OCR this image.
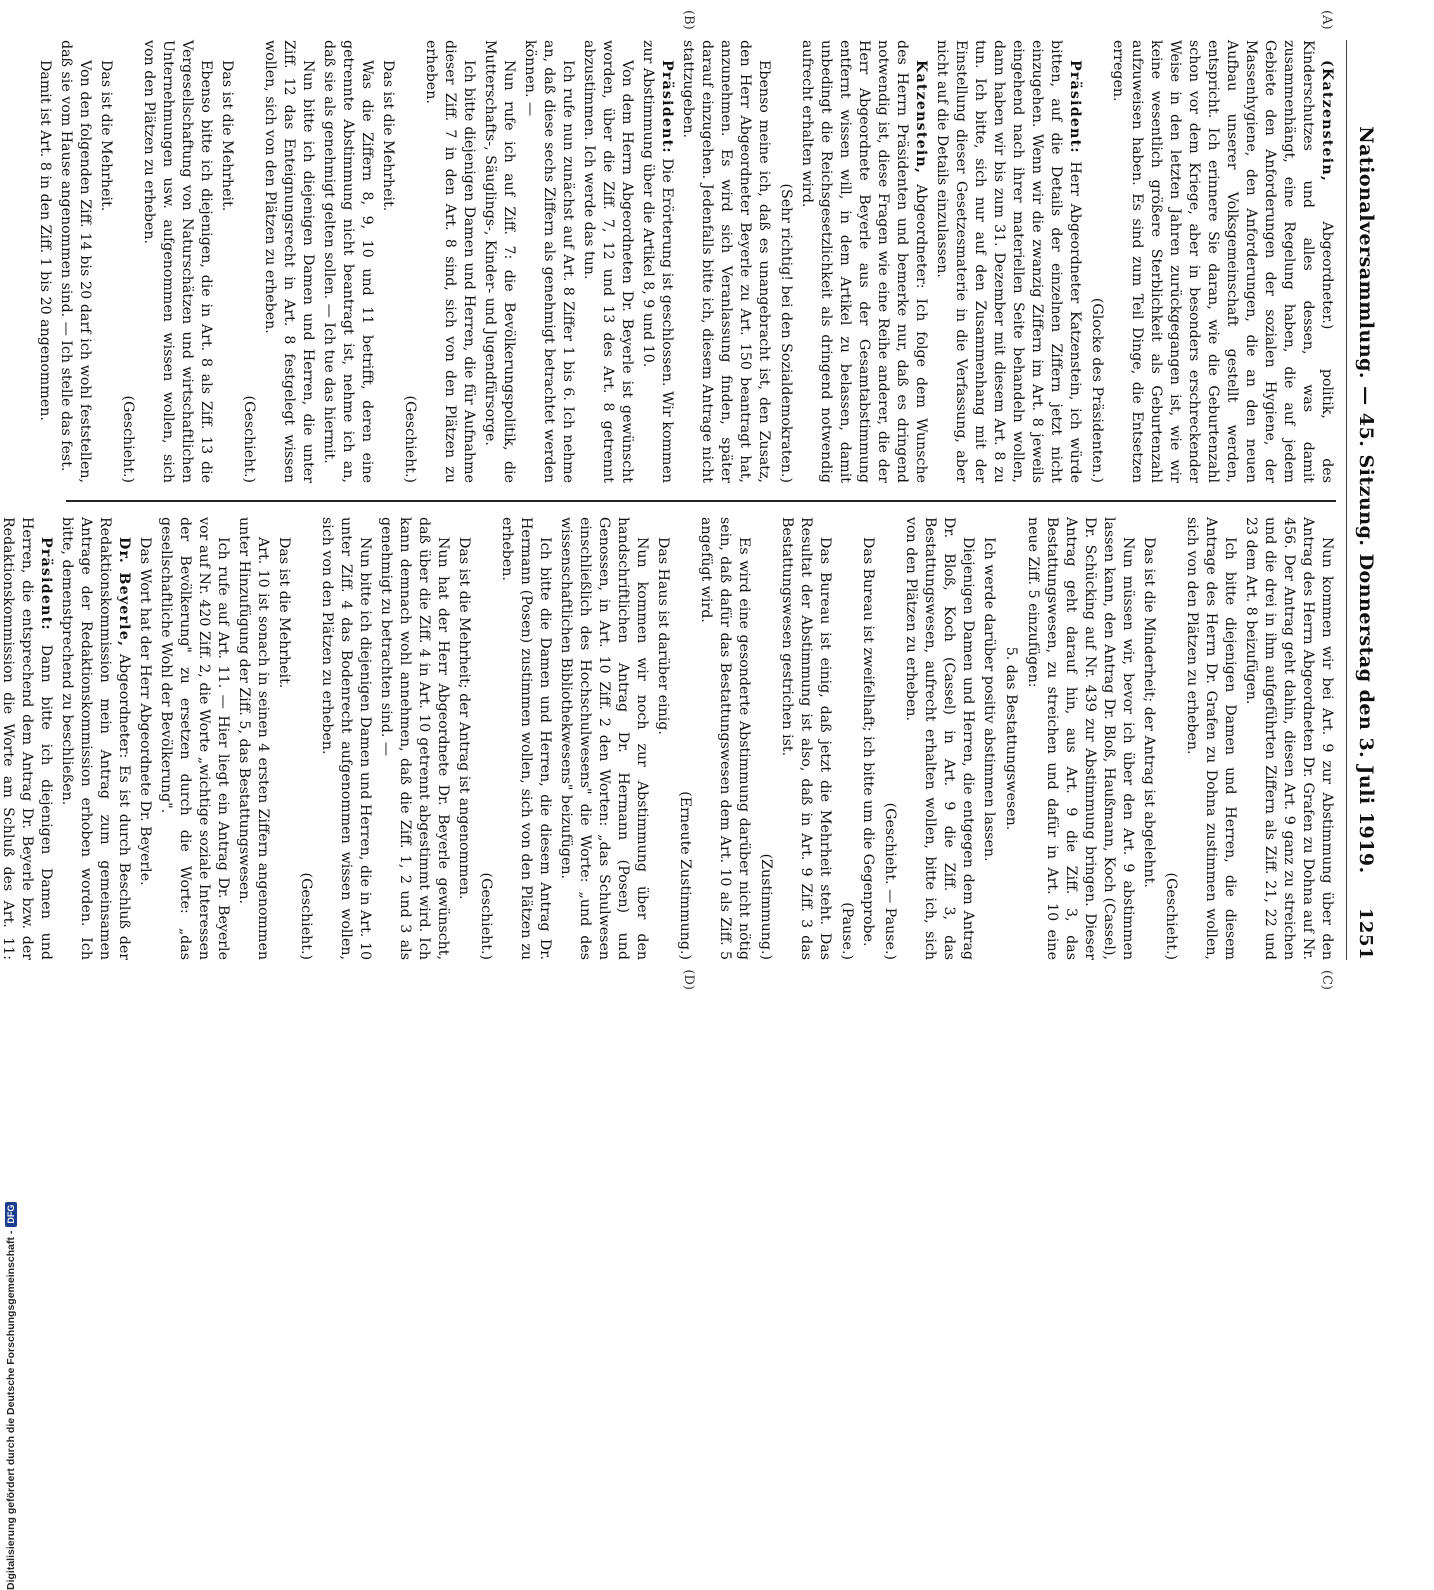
Nationalversammlung. — 45. Sitzung. Donnerstag den 3. Juli 1919.
1251
(A)
(B)
(C)
(D)

(Katzenstein, Abgeordneter.) politik, des Kinderschutzes und alles dessen, was damit zusammenhängt, eine Regelung haben, die auf jedem Gebiete den Anforderungen der sozialen Hygiene, der Massenhygiene, den Anforderungen, die an den neuen Aufbau unserer Volksgemeinschaft gestellt werden, entspricht. Ich erinnere Sie daran, wie die Geburtenzahl schon vor dem Kriege, aber in besonders erschreckender Weise in den letzten Jahren zurückgegangen ist, wie wir keine wesentlich größere Sterblichkeit als Geburtenzahl aufzuweisen haben. Es sind zum Teil Dinge, die Entsetzen erregen.

(Glocke des Präsidenten.)

Präsident: Herr Abgeordneter Katzenstein, ich würde bitten, auf die Details der einzelnen Ziffern jetzt nicht einzugehen. Wenn wir die zwanzig Ziffern im Art. 8 jeweils eingehend nach ihrer materiellen Seite behandeln wollen, dann haben wir bis zum 31. Dezember mit diesem Art. 8 zu tun. Ich bitte, sich nur auf den Zusammenhang mit der Einstellung dieser Gesetzesmaterie in die Verfassung, aber nicht auf die Details einzulassen.

Katzenstein, Abgeordneter: Ich folge dem Wunsche des Herrn Präsidenten und bemerke nur, daß es dringend notwendig ist, diese Fragen wie eine Reihe anderer, die der Herr Abgeordnete Beyerle aus der Gesamtabstimmung entfernt wissen will, in dem Artikel zu belassen, damit unbedingt die Reichsgesetzlichkeit als dringend notwendig aufrecht erhalten wird.

(Sehr richtig! bei den Sozialdemokraten.)

Ebenso meine ich, daß es unangebracht ist, den Zusatz, den Herr Abgeordneter Beyerle zu Art. 150 beantragt hat, anzunehmen. Es wird sich Veranlassung finden, später darauf einzugehen. Jedenfalls bitte ich, diesem Antrage nicht stattzugeben.

Präsident: Die Erörterung ist geschlossen. Wir kommen zur Abstimmung über die Artikel 8, 9 und 10.

Von dem Herrn Abgeordneten Dr. Beyerle ist gewünscht worden, über die Ziff. 7, 12 und 13 des Art. 8 getrennt abzustimmen. Ich werde das tun.

Ich rufe nun zunächst auf Art. 8 Ziffer 1 bis 6. Ich nehme an, daß diese sechs Ziffern als genehmigt betrachtet werden können. —

Nun rufe ich auf Ziff. 7: die Bevölkerungspolitik, die Mutterschafts-, Säuglings-, Kinder- und Jugendfürsorge.

Ich bitte diejenigen Damen und Herren, die für Aufnahme dieser Ziff. 7 in den Art. 8 sind, sich von den Plätzen zu erheben.

(Geschieht.)

Das ist die Mehrheit.

Was die Ziffern 8, 9, 10 und 11 betrifft, deren eine getrennte Abstimmung nicht beantragt ist, nehme ich an, daß sie als genehmigt gelten sollen. — Ich tue das hiermit.

Nun bitte ich diejenigen Damen und Herren, die unter Ziff. 12 das Enteignungsrecht in Art. 8 festgelegt wissen wollen, sich von den Plätzen zu erheben.

(Geschieht.)

Das ist die Mehrheit.

Ebenso bitte ich diejenigen, die in Art. 8 als Ziff. 13 die Vergesellschaftung von Naturschätzen und wirtschaftlichen Unternehmungen usw. aufgenommen wissen wollen, sich von den Plätzen zu erheben.

(Geschieht.)

Das ist die Mehrheit.

Von den folgenden Ziff. 14 bis 20 darf ich wohl feststellen, daß sie vom Hause angenommen sind. — Ich stelle das fest.

Damit ist Art. 8 in den Ziff. 1 bis 20 angenommen.

Nun kommen wir bei Art. 9 zur Abstimmung über den Antrag des Herrn Abgeordneten Dr. Grafen zu Dohna auf Nr. 456. Der Antrag geht dahin, diesen Art. 9 ganz zu streichen und die drei in ihm aufgeführten Ziffern als Ziff. 21, 22 und 23 dem Art. 8 beizufügen.

Ich bitte diejenigen Damen und Herren, die diesem Antrage des Herrn Dr. Grafen zu Dohna zustimmen wollen, sich von den Plätzen zu erheben.

(Geschieht.)

Das ist die Minderheit; der Antrag ist abgelehnt.

Nun müssen wir, bevor ich über den Art. 9 abstimmen lassen kann, den Antrag Dr. Bloß, Haußmann, Koch (Cassel), Dr. Schücking auf Nr. 439 zur Abstimmung bringen. Dieser Antrag geht darauf hin, aus Art. 9 die Ziff. 3, das Bestattungswesen, zu streichen und dafür in Art. 10 eine neue Ziff. 5 einzufügen:

5. das Bestattungswesen.

Ich werde darüber positiv abstimmen lassen.

Diejenigen Damen und Herren, die entgegen dem Antrag Dr. Bloß, Koch (Cassel) in Art. 9 die Ziff. 3, das Bestattungswesen, aufrecht erhalten wollen, bitte ich, sich von den Plätzen zu erheben.

(Geschieht. — Pause.)

Das Bureau ist zweifelhaft; ich bitte um die Gegenprobe.

(Pause.)

Das Bureau ist einig, daß jetzt die Mehrheit steht. Das Resultat der Abstimmung ist also, daß in Art. 9 Ziff. 3 das Bestattungswesen gestrichen ist.

(Zustimmung.)

Es wird eine gesonderte Abstimmung darüber nicht nötig sein, daß dafür das Bestattungswesen dem Art. 10 als Ziff. 5 angefügt wird.

(Erneute Zustimmung.)

Das Haus ist darüber einig.

Nun kommen wir noch zur Abstimmung über den handschriftlichen Antrag Dr. Hermann (Posen) und Genossen, in Art. 10 Ziff. 2 den Worten: „das Schulwesen einschließlich des Hochschulwesens" die Worte: „und des wissenschaftlichen Bibliothekwesens" beizufügen.

Ich bitte die Damen und Herren, die diesem Antrag Dr. Hermann (Posen) zustimmen wollen, sich von den Plätzen zu erheben.

(Geschieht.)

Das ist die Mehrheit; der Antrag ist angenommen.

Nun hat der Herr Abgeordnete Dr. Beyerle gewünscht, daß über die Ziff. 4 in Art. 10 getrennt abgestimmt wird. Ich kann demnach wohl annehmen, daß die Ziff. 1, 2 und 3 als genehmigt zu betrachten sind. —

Nun bitte ich diejenigen Damen und Herren, die in Art. 10 unter Ziff. 4 das Bodenrecht aufgenommen wissen wollen, sich von den Plätzen zu erheben.

(Geschieht.)

Das ist die Mehrheit.

Art. 10 ist sonach in seinen 4 ersten Ziffern angenommen unter Hinzufügung der Ziff. 5, das Bestattungswesen.

Ich rufe auf Art. 11. — Hier liegt ein Antrag Dr. Beyerle vor auf Nr. 420 Ziff. 2, die Worte „wichtige soziale Interessen der Bevölkerung" zu ersetzen durch die Worte: „das gesellschaftliche Wohl der Bevölkerung".

Das Wort hat der Herr Abgeordnete Dr. Beyerle.

Dr. Beyerle, Abgeordneter: Es ist durch Beschluß der Redaktionskommission mein Antrag zum gemeinsamen Antrage der Redaktionskommission erhoben worden. Ich bitte, demenstprechend zu beschließen.

Präsident: Dann bitte ich diejenigen Damen und Herren, die entsprechend dem Antrag Dr. Beyerle bzw. der Redaktionskommission die Worte am Schluß des Art. 11:

Digitalisierung gefördert durch die Deutsche Forschungsgemeinschaft -
DFG
